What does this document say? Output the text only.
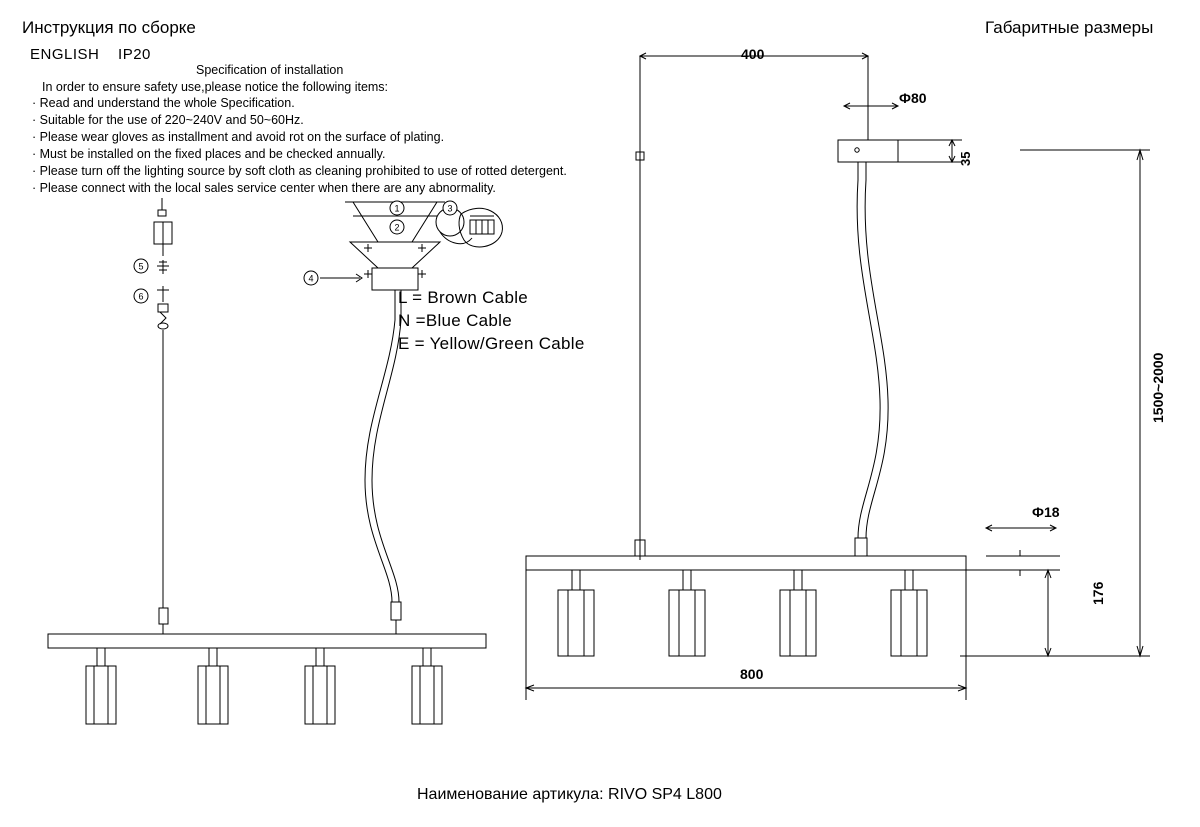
Инструкция по сборке	Габаритные размеры
ENGLISH    IP20
Specification of installation
In order to ensure safety use,please notice the following items:
· Read and understand the whole Specification.
· Suitable for the use of 220~240V and 50~60Hz.
· Please wear gloves as installment and avoid rot on the surface of plating.
· Must be installed on the fixed places and be checked annually.
· Please turn off the lighting source by soft cloth as cleaning prohibited to use of rotted detergent.
· Please connect with the local sales service center when there are any abnormality.
1
2
3
4
5
6	L = Brown Cable
N =Blue Cable
E = Yellow/Green Cable
400
Ф80
35
1500~2000
Ф18
176
800
Наименование артикула: RIVO SP4 L800
